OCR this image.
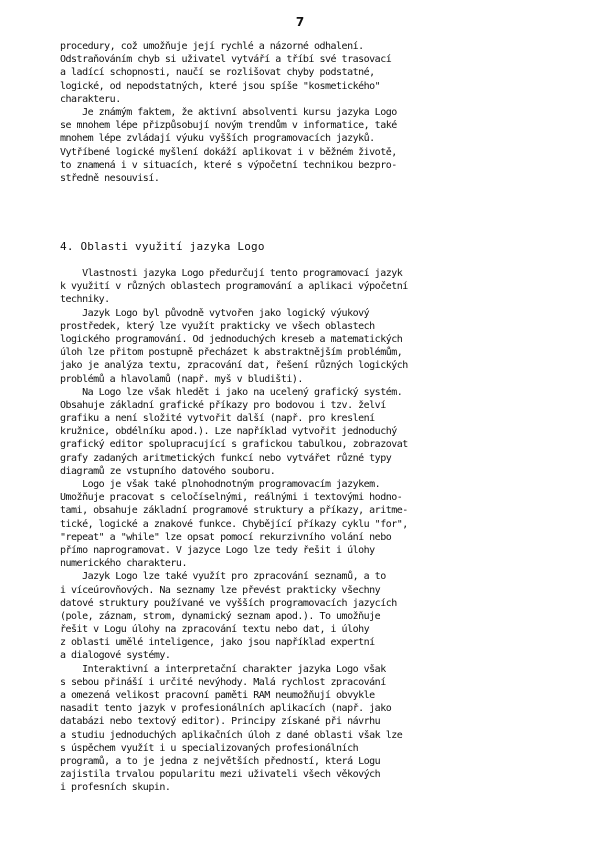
7
procedury, což umožňuje její rychlé a názorné odhalení.
Odstraňováním chyb si uživatel vytváří a tříbí své trasovací
a ladící schopnosti, naučí se rozlišovat chyby podstatné,
logické, od nepodstatných, které jsou spíše "kosmetického"
charakteru.
Je známým faktem, že aktivní absolventi kursu jazyka Logo
se mnohem lépe přizpůsobují novým trendům v informatice, také
mnohem lépe zvládají výuku vyšších programovacích jazyků.
Vytříbené logické myšlení dokáží aplikovat i v běžném životě,
to znamená i v situacích, které s výpočetní technikou bezpro-
středně nesouvisí.
4. Oblasti využití jazyka Logo
Vlastnosti jazyka Logo předurčují tento programovací jazyk
k využití v různých oblastech programování a aplikaci výpočetní
techniky.
Jazyk Logo byl původně vytvořen jako logický výukový
prostředek, který lze využít prakticky ve všech oblastech
logického programování. Od jednoduchých kreseb a matematických
úloh lze přitom postupně přecházet k abstraktnějším problémům,
jako je analýza textu, zpracování dat, řešení různých logických
problémů a hlavolamů (např. myš v bludišti).
Na Logo lze však hledět i jako na ucelený grafický systém.
Obsahuje základní grafické příkazy pro bodovou i tzv. želví
grafiku a není složité vytvořit další (např. pro kreslení
kružnice, obdélníku apod.). Lze například vytvořit jednoduchý
grafický editor spolupracující s grafickou tabulkou, zobrazovat
grafy zadaných aritmetických funkcí nebo vytvářet různé typy
diagramů ze vstupního datového souboru.
Logo je však také plnohodnotným programovacím jazykem.
Umožňuje pracovat s celočíselnými, reálnými i textovými hodno-
tami, obsahuje základní programové struktury a příkazy, aritme-
tické, logické a znakové funkce. Chybějící příkazy cyklu "for",
"repeat" a "while" lze opsat pomocí rekurzivního volání nebo
přímo naprogramovat. V jazyce Logo lze tedy řešit i úlohy
numerického charakteru.
Jazyk Logo lze také využít pro zpracování seznamů, a to
i víceúrovňových. Na seznamy lze převést prakticky všechny
datové struktury používané ve vyšších programovacích jazycích
(pole, záznam, strom, dynamický seznam apod.). To umožňuje
řešit v Logu úlohy na zpracování textu nebo dat, i úlohy
z oblasti umělé inteligence, jako jsou například expertní
a dialogové systémy.
Interaktivní a interpretační charakter jazyka Logo však
s sebou přináší i určité nevýhody. Malá rychlost zpracování
a omezená velikost pracovní paměti RAM neumožňují obvykle
nasadit tento jazyk v profesionálních aplikacích (např. jako
databázi nebo textový editor). Principy získané při návrhu
a studiu jednoduchých aplikačních úloh z dané oblasti však lze
s úspěchem využít i u specializovaných profesionálních
programů, a to je jedna z největších předností, která Logu
zajistila trvalou popularitu mezi uživateli všech věkových
i profesních skupin.
